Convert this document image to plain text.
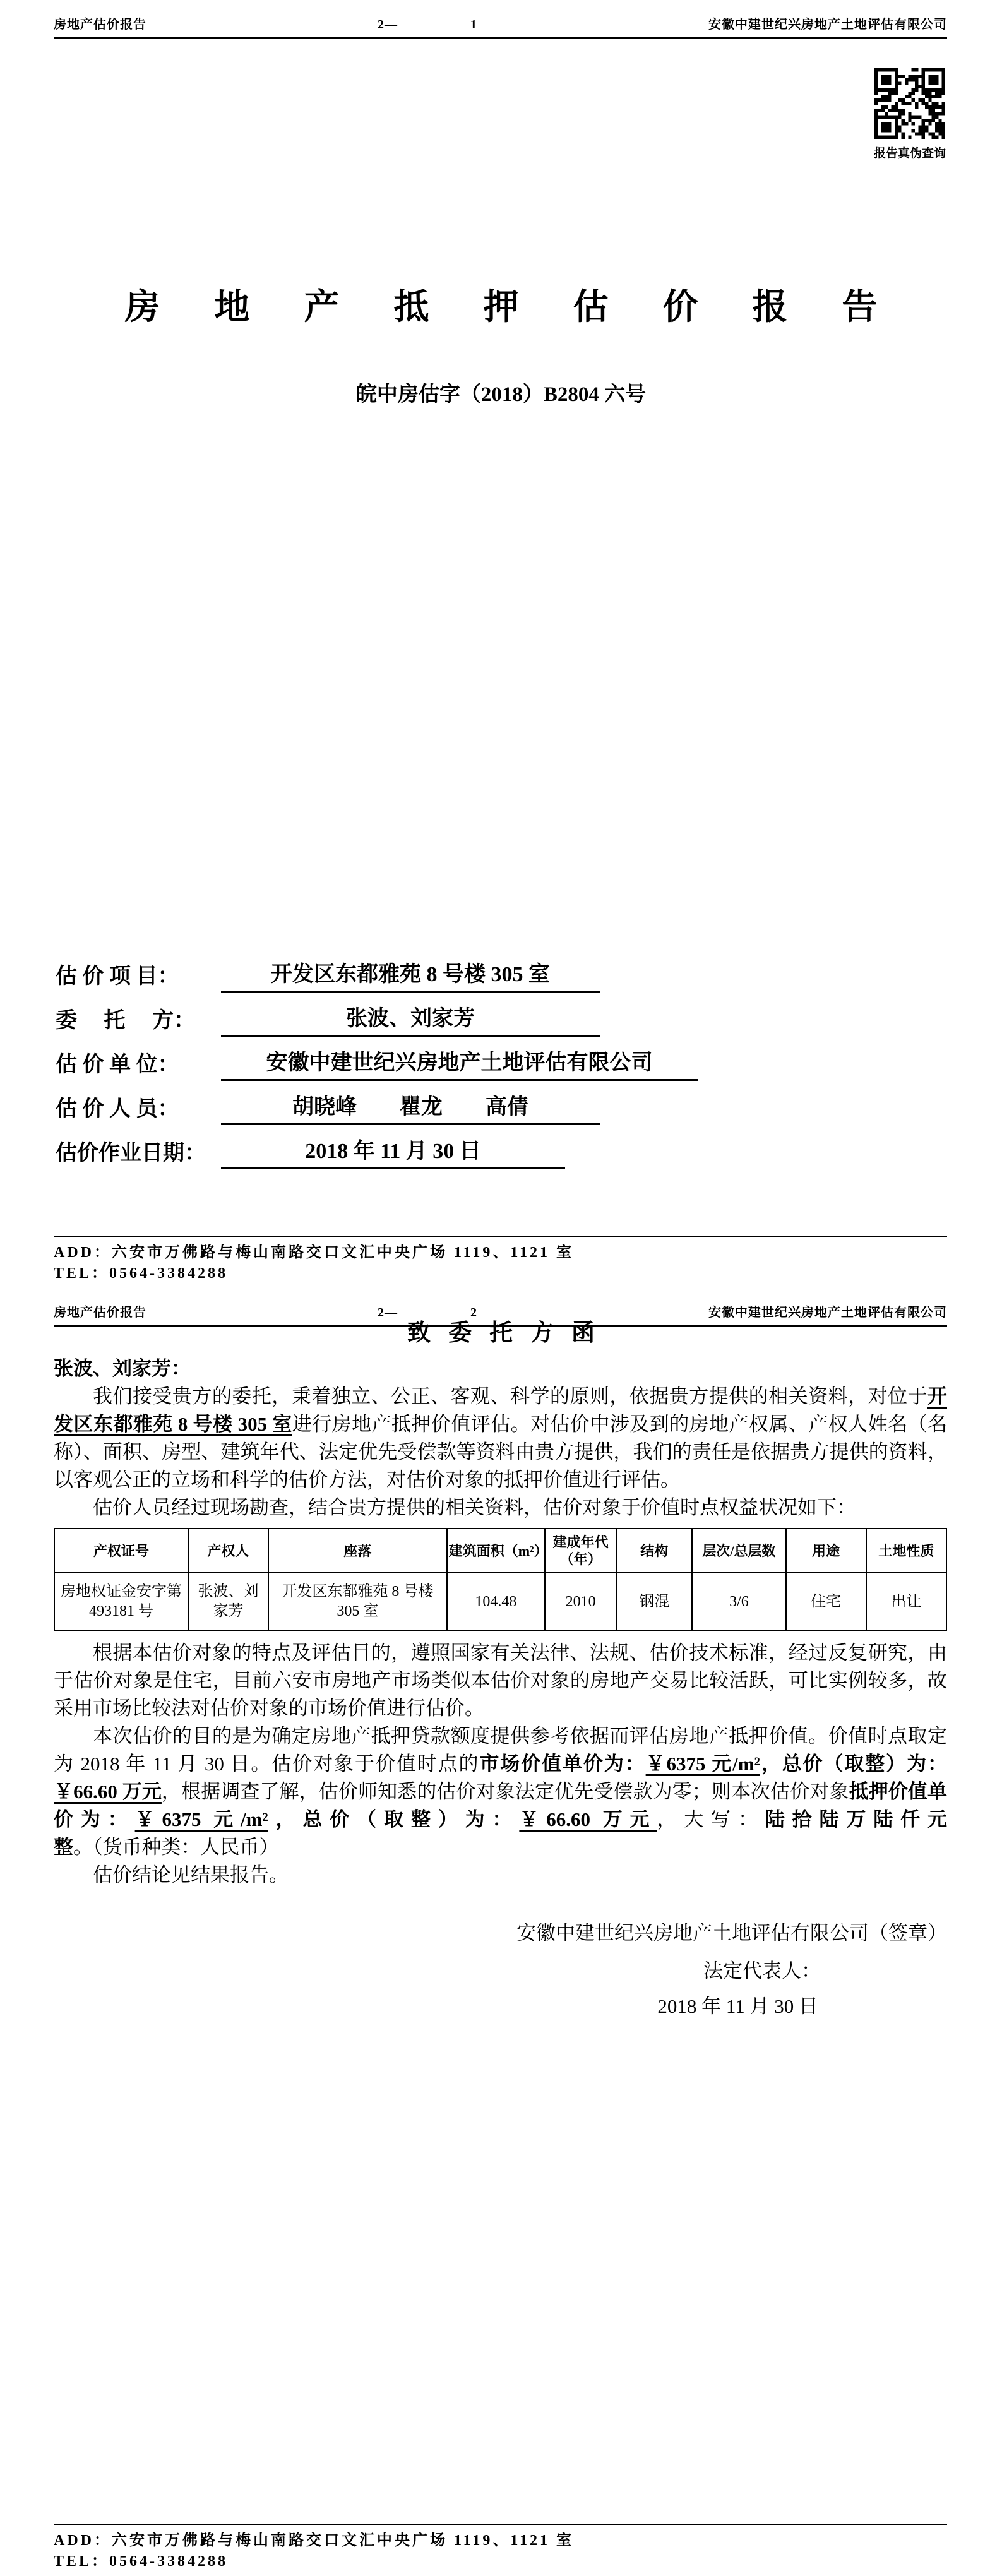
房地产估价报告	2—	1	安徽中建世纪兴房地产土地评估有限公司
报告真伪查询
房地产抵押估价报告
皖中房估字（2018）B2804 六号
估 价 项 目：	开发区东都雅苑 8 号楼 305 室
委　 托　 方：	张波、刘家芳
估 价 单 位：	安徽中建世纪兴房地产土地评估有限公司
估 价 人 员：	胡晓峰　　瞿龙　　高倩
估价作业日期：	2018 年 11 月 30 日
ADD：六安市万佛路与梅山南路交口文汇中央广场 1119、1121 室
TEL：0564-3384288
房地产估价报告	2—	2	安徽中建世纪兴房地产土地评估有限公司
致委托方函

张波、刘家芳：

我们接受贵方的委托，秉着独立、公正、客观、科学的原则，依据贵方提供的相关资料，对位于开发区东都雅苑 8 号楼 305 室进行房地产抵押价值评估。对估价中涉及到的房地产权属、产权人姓名（名称）、面积、房型、建筑年代、法定优先受偿款等资料由贵方提供，我们的责任是依据贵方提供的资料，以客观公正的立场和科学的估价方法，对估价对象的抵押价值进行评估。

估价人员经过现场勘查，结合贵方提供的相关资料，估价对象于价值时点权益状况如下：

产权证号	产权人	座落	建筑面积（m²）	建成年代（年）	结构	层次/总层数	用途	土地性质
房地权证金安字第 493181 号	张波、刘家芳	开发区东都雅苑 8 号楼 305 室	104.48	2010	钢混	3/6	住宅	出让

根据本估价对象的特点及评估目的，遵照国家有关法律、法规、估价技术标准，经过反复研究，由于估价对象是住宅，目前六安市房地产市场类似本估价对象的房地产交易比较活跃，可比实例较多，故采用市场比较法对估价对象的市场价值进行估价。

本次估价的目的是为确定房地产抵押贷款额度提供参考依据而评估房地产抵押价值。价值时点取定为 2018 年 11 月 30 日。估价对象于价值时点的市场价值单价为：￥6375 元/m²，总价（取整）为：￥66.60 万元，根据调查了解，估价师知悉的估价对象法定优先受偿款为零；则本次估价对象抵押价值单价为：￥6375 元/m²，总价（取整）为：￥66.60 万元，大写：陆拾陆万陆仟元整。（货币种类：人民币）

估价结论见结果报告。

安徽中建世纪兴房地产土地评估有限公司（签章）
法定代表人：
2018 年 11 月 30 日
ADD：六安市万佛路与梅山南路交口文汇中央广场 1119、1121 室
TEL：0564-3384288
